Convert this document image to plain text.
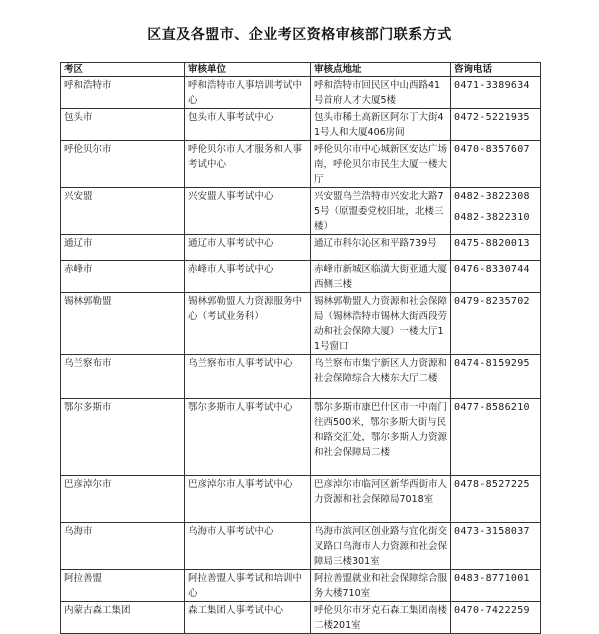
区直及各盟市、企业考区资格审核部门联系方式
考区	审核单位	审核点地址	咨询电话
呼和浩特市	呼和浩特市人事培训考试中心	呼和浩特市回民区中山西路41号首府人才大厦5楼	0471-3389634

包头市	包头市人事考试中心	包头市稀土高新区阿尔丁大街41号人和大厦406房间	0472-5221935

呼伦贝尔市	呼伦贝尔市人才服务和人事考试中心	呼伦贝尔市中心城新区安达广场南，呼伦贝尔市民生大厦一楼大厅	0470-8357607

兴安盟	兴安盟人事考试中心	兴安盟乌兰浩特市兴安北大路75号（原盟委党校旧址，北楼三楼）	0482-3822308
0482-3822310

通辽市	通辽市人事考试中心	通辽市科尔沁区和平路739号	0475-8820013

赤峰市	赤峰市人事考试中心	赤峰市新城区临潢大街亚通大厦西侧三楼	0476-8330744

锡林郭勒盟	锡林郭勒盟人力资源服务中心（考试业务科）	锡林郭勒盟人力资源和社会保障局（锡林浩特市锡林大街西段劳动和社会保障大厦）一楼大厅11号窗口	0479-8235702

乌兰察布市	乌兰察布市人事考试中心	乌兰察布市集宁新区人力资源和社会保障综合大楼东大厅二楼	0474-8159295

鄂尔多斯市	鄂尔多斯市人事考试中心	鄂尔多斯市康巴什区市一中南门往西500米，鄂尔多斯大街与民和路交汇处，鄂尔多斯人力资源和社会保障局二楼	0477-8586210

巴彦淖尔市	巴彦淖尔市人事考试中心	巴彦淖尔市临河区新华西街市人力资源和社会保障局7018室	0478-8527225

乌海市	乌海市人事考试中心	乌海市滨河区创业路与宜化街交叉路口乌海市人力资源和社会保障局三楼301室	0473-3158037

阿拉善盟	阿拉善盟人事考试和培训中心	阿拉善盟就业和社会保障综合服务大楼710室	0483-8771001

内蒙古森工集团	森工集团人事考试中心	呼伦贝尔市牙克石森工集团南楼二楼201室	0470-7422259
